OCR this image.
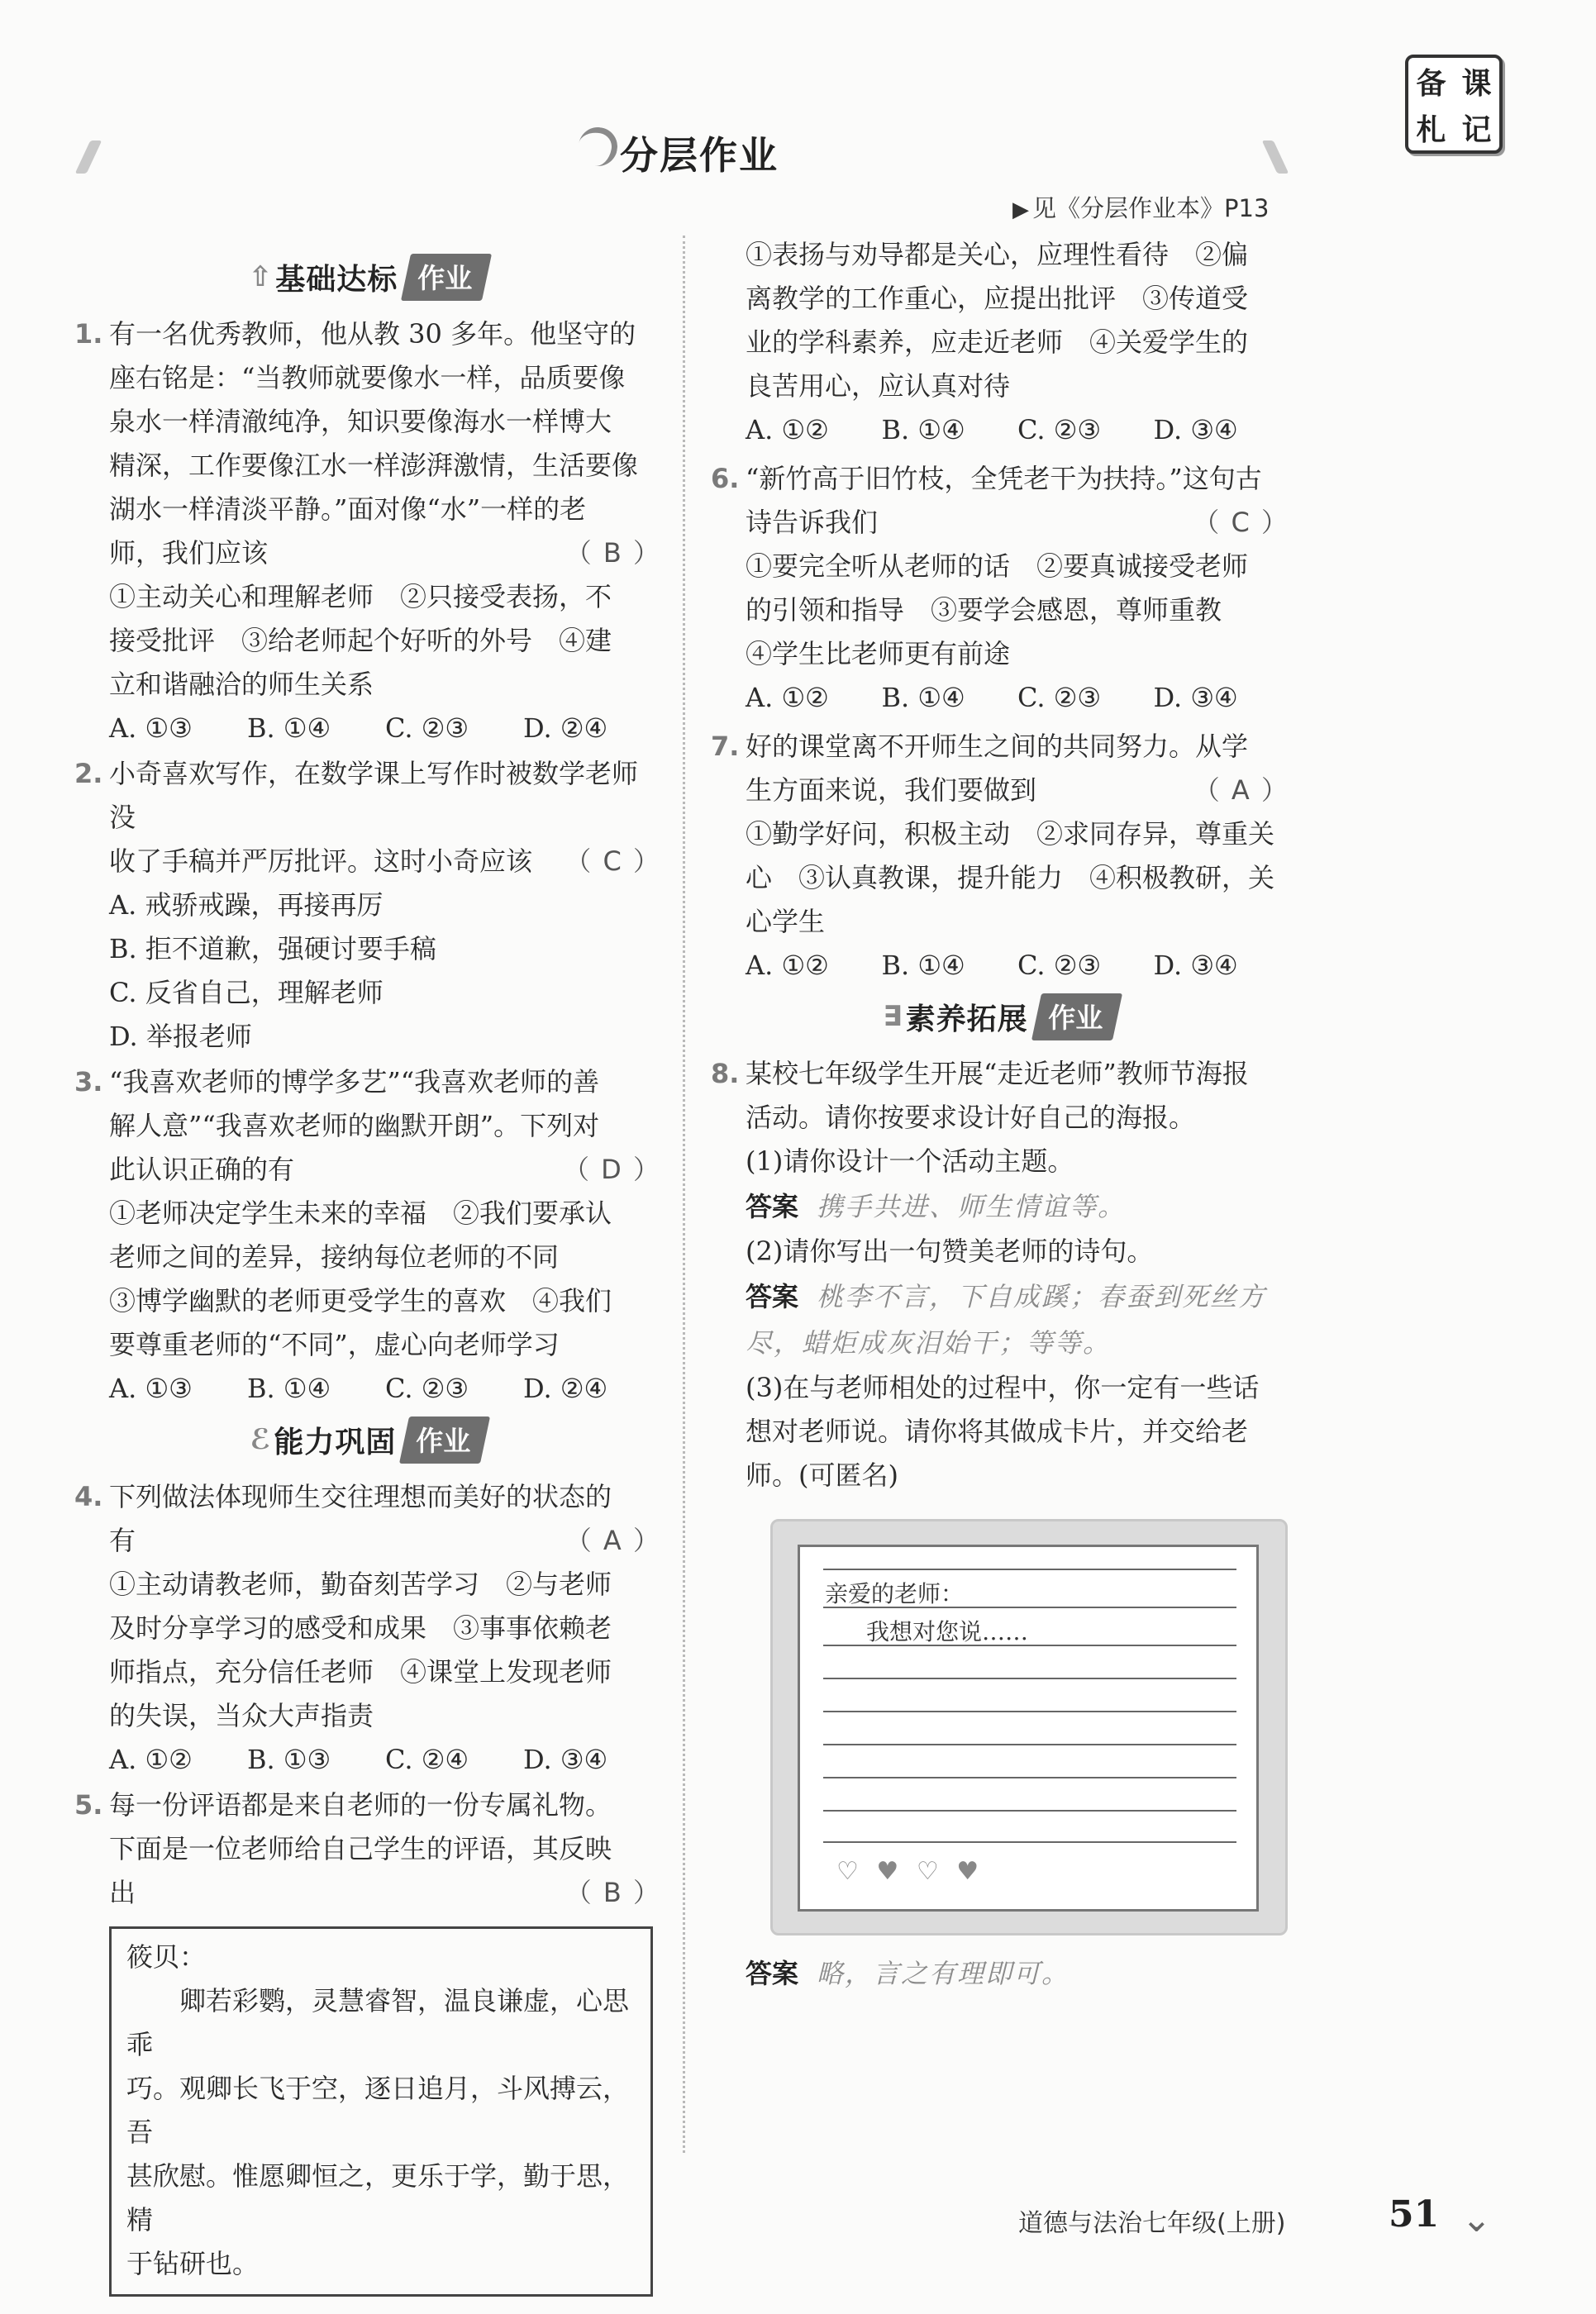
备 课
札 记
分层作业
▶ 见《分层作业本》P13
⇧ 基础达标 作业
1. 有一名优秀教师，他从教 30 多年。他坚守的
座右铭是：“当教师就要像水一样，品质要像
泉水一样清澈纯净，知识要像海水一样博大
精深，工作要像江水一样澎湃激情，生活要像
湖水一样清淡平静。”面对像“水”一样的老
师，我们应该	（ B ）
①主动关心和理解老师　②只接受表扬，不
接受批评　③给老师起个好听的外号　④建
立和谐融洽的师生关系
A. ①③	B. ①④	C. ②③	D. ②④
2. 小奇喜欢写作，在数学课上写作时被数学老师没
收了手稿并严厉批评。这时小奇应该 （ C ）
A. 戒骄戒躁，再接再厉
B. 拒不道歉，强硬讨要手稿
C. 反省自己，理解老师
D. 举报老师
3. “我喜欢老师的博学多艺”“我喜欢老师的善
解人意”“我喜欢老师的幽默开朗”。下列对
此认识正确的有	（ D ）
①老师决定学生未来的幸福　②我们要承认
老师之间的差异，接纳每位老师的不同
③博学幽默的老师更受学生的喜欢　④我们
要尊重老师的“不同”，虚心向老师学习
A. ①③	B. ①④	C. ②③	D. ②④
ℰ 能力巩固 作业
4. 下列做法体现师生交往理想而美好的状态的
有	（ A ）
①主动请教老师，勤奋刻苦学习　②与老师
及时分享学习的感受和成果　③事事依赖老
师指点，充分信任老师　④课堂上发现老师
的失误，当众大声指责
A. ①②	B. ①③	C. ②④	D. ③④
5. 每一份评语都是来自老师的一份专属礼物。
下面是一位老师给自己学生的评语，其反映
出	（ B ）
筱贝：
卿若彩鹦，灵慧睿智，温良谦虚，心思乖
巧。观卿长飞于空，逐日追月，斗风搏云，吾
甚欣慰。惟愿卿恒之，更乐于学，勤于思，精
于钻研也。
①表扬与劝导都是关心，应理性看待　②偏
离教学的工作重心，应提出批评　③传道受
业的学科素养，应走近老师　④关爱学生的
良苦用心，应认真对待
A. ①②	B. ①④	C. ②③	D. ③④
6. “新竹高于旧竹枝，全凭老干为扶持。”这句古
诗告诉我们	（ C ）
①要完全听从老师的话　②要真诚接受老师
的引领和指导　③要学会感恩，尊师重教
④学生比老师更有前途
A. ①②	B. ①④	C. ②③	D. ③④
7. 好的课堂离不开师生之间的共同努力。从学
生方面来说，我们要做到	（ A ）
①勤学好问，积极主动　②求同存异，尊重关
心　③认真教课，提升能力　④积极教研，关
心学生
A. ①②	B. ①④	C. ②③	D. ③④
∃ 素养拓展 作业
8. 某校七年级学生开展“走近老师”教师节海报
活动。请你按要求设计好自己的海报。
(1)请你设计一个活动主题。
答案 携手共进、师生情谊等。
(2)请你写出一句赞美老师的诗句。
答案 桃李不言，下自成蹊；春蚕到死丝方
尽，蜡炬成灰泪始干；等等。
(3)在与老师相处的过程中，你一定有一些话
想对老师说。请你将其做成卡片，并交给老
师。(可匿名)
亲爱的老师：
我想对您说……
♡ ♥ ♡ ♥
答案 略，言之有理即可。
道德与法治七年级(上册)	51 ⌄
